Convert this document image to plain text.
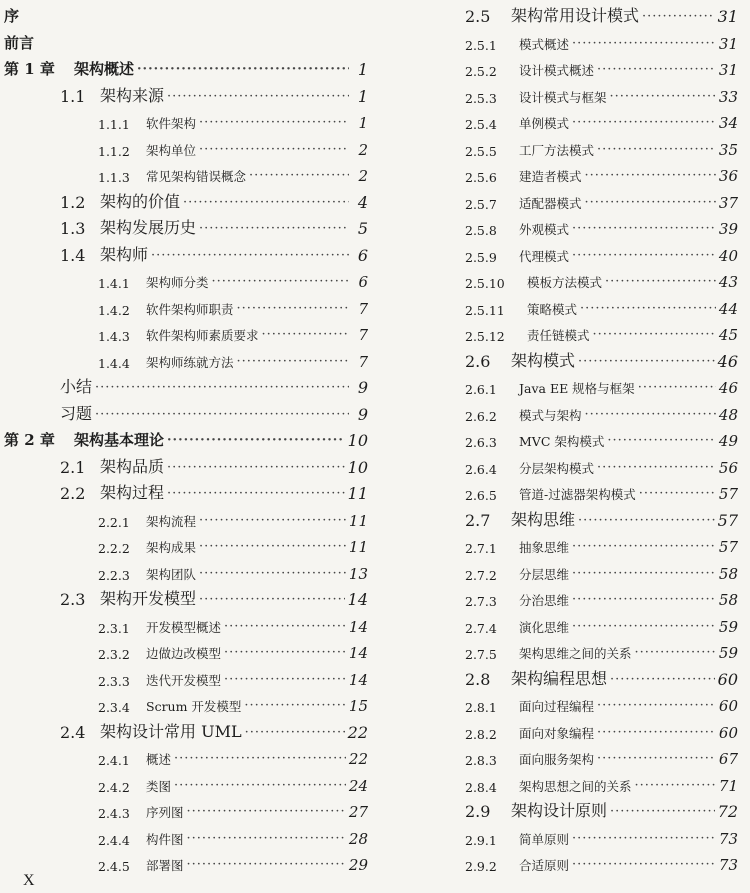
序
前言
第 1 章	架构概述 ·····	1
1.1 架构来源 ·····	1
1.1.1	软件架构 ·····	1
1.1.2	架构单位 ·····	2
1.1.3	常见架构错误概念 ·····	2
1.2 架构的价值 ·····	4
1.3 架构发展历史 ·····	5
1.4 架构师 ·····	6
1.4.1	架构师分类 ·····	6
1.4.2	软件架构师职责 ·····	7
1.4.3	软件架构师素质要求 ·····	7
1.4.4	架构师练就方法 ·····	7
小结 ·····	9
习题 ·····	9
第 2 章	架构基本理论 ·····	10
2.1 架构品质 ·····	10
2.2 架构过程 ·····	11
2.2.1	架构流程 ·····	11
2.2.2	架构成果 ·····	11
2.2.3	架构团队 ·····	13
2.3 架构开发模型 ·····	14
2.3.1	开发模型概述 ·····	14
2.3.2	边做边改模型 ·····	14
2.3.3	迭代开发模型 ·····	14
2.3.4	Scrum 开发模型 ·····	15
2.4 架构设计常用 UML ·····	22
2.4.1	概述 ·····	22
2.4.2	类图 ·····	24
2.4.3	序列图 ·····	27
2.4.4	构件图 ·····	28
2.4.5	部署图 ·····	29
2.5	架构常用设计模式 ·····	31
2.5.1	模式概述 ·····	31
2.5.2	设计模式概述 ·····	31
2.5.3	设计模式与框架 ·····	33
2.5.4	单例模式 ·····	34
2.5.5	工厂方法模式 ·····	35
2.5.6	建造者模式 ·····	36
2.5.7	适配器模式 ·····	37
2.5.8	外观模式 ·····	39
2.5.9	代理模式 ·····	40
2.5.10	模板方法模式 ·····	43
2.5.11	策略模式 ·····	44
2.5.12	责任链模式 ·····	45
2.6	架构模式 ·····	46
2.6.1	Java EE 规格与框架 ·····	46
2.6.2	模式与架构 ·····	48
2.6.3	MVC 架构模式 ·····	49
2.6.4	分层架构模式 ·····	56
2.6.5	管道-过滤器架构模式 ·····	57
2.7	架构思维 ·····	57
2.7.1	抽象思维 ·····	57
2.7.2	分层思维 ·····	58
2.7.3	分治思维 ·····	58
2.7.4	演化思维 ·····	59
2.7.5	架构思维之间的关系 ·····	59
2.8	架构编程思想 ·····	60
2.8.1	面向过程编程 ·····	60
2.8.2	面向对象编程 ·····	60
2.8.3	面向服务架构 ·····	67
2.8.4	架构思想之间的关系 ·····	71
2.9	架构设计原则 ·····	72
2.9.1	简单原则 ·····	73
2.9.2	合适原则 ·····	73
X
